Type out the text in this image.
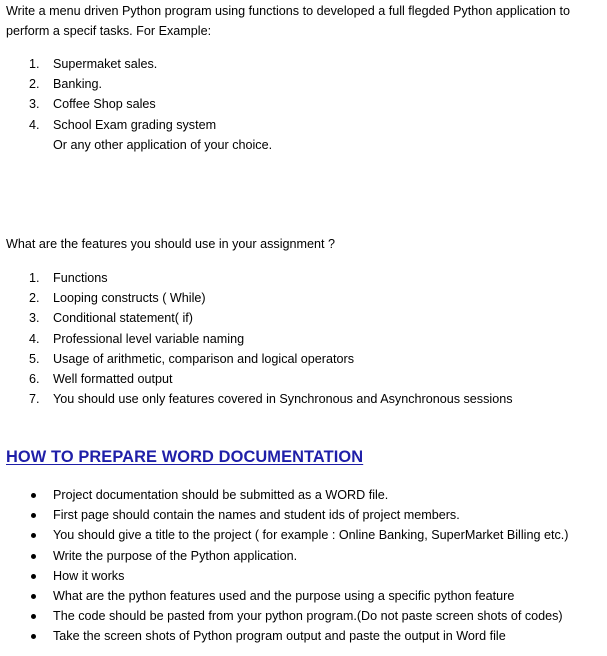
Write a menu driven Python program using functions to developed a full flegded Python application to
perform a specif tasks. For Example:

1.	Supermaket sales.
2.	Banking.
3.	Coffee Shop sales
4.	School Exam grading system
Or any other application of your choice.

What are the features you should use in your assignment ?

1.	Functions
2.	Looping constructs ( While)
3.	Conditional statement( if)
4.	Professional level variable naming
5.	Usage of arithmetic, comparison and logical operators
6.	Well formatted output
7.	You should use only features covered in Synchronous and Asynchronous sessions
HOW TO PREPARE WORD DOCUMENTATION
Project documentation should be submitted as a WORD file.
First page should contain the names and student ids of project members.
You should give a title to the project ( for example : Online Banking, SuperMarket Billing etc.)
Write the purpose of the Python application.
How it works
What are the python features used and the purpose using a specific python feature
The code should be pasted from your python program.(Do not paste screen shots of codes)
Take the screen shots of Python program output and paste the output in Word file
